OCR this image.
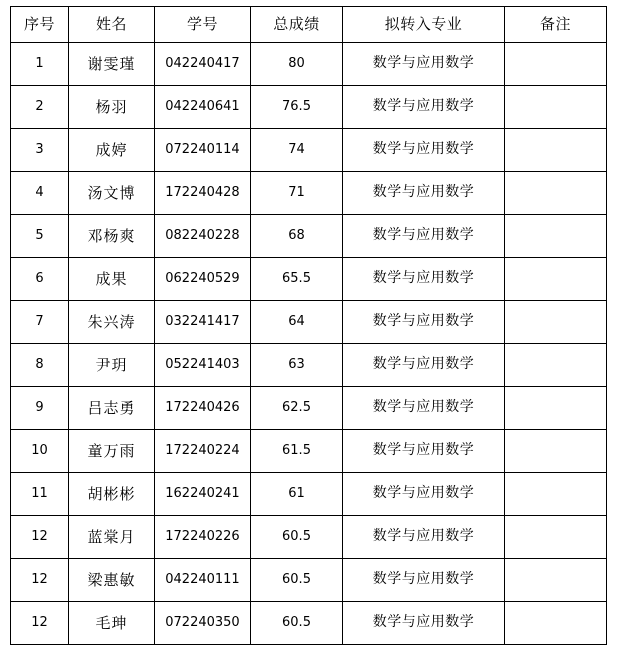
序号	姓名	学号	总成绩	拟转入专业	备注
1	谢雯瑾	042240417	80	数学与应用数学	
2	杨羽	042240641	76.5	数学与应用数学	
3	成婷	072240114	74	数学与应用数学	
4	汤文博	172240428	71	数学与应用数学	
5	邓杨爽	082240228	68	数学与应用数学	
6	成果	062240529	65.5	数学与应用数学	
7	朱兴涛	032241417	64	数学与应用数学	
8	尹玥	052241403	63	数学与应用数学	
9	吕志勇	172240426	62.5	数学与应用数学	
10	童万雨	172240224	61.5	数学与应用数学	
11	胡彬彬	162240241	61	数学与应用数学	
12	蓝棠月	172240226	60.5	数学与应用数学	
12	梁惠敏	042240111	60.5	数学与应用数学	
12	毛珅	072240350	60.5	数学与应用数学	
